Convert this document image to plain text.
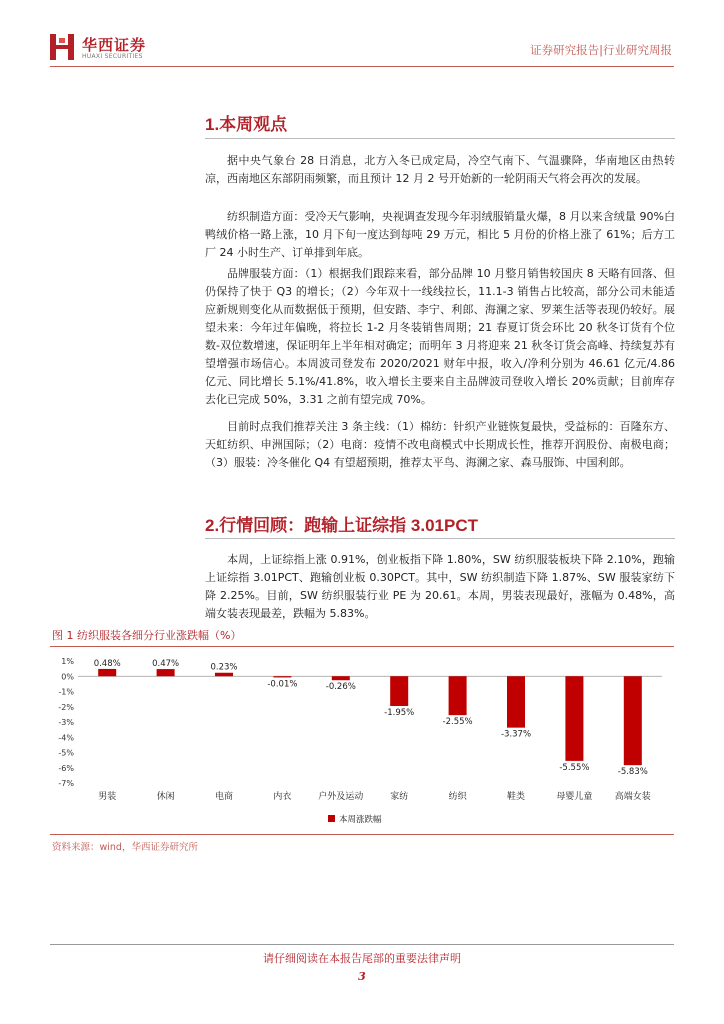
华西证券
HUAXI SECURITIES	证券研究报告|行业研究周报
1.本周观点
据中央气象台 28 日消息，北方入冬已成定局，冷空气南下、气温骤降，华南地区由热转凉，西南地区东部阴雨频繁，而且预计 12 月 2 号开始新的一轮阴雨天气将会再次的发展。
纺织制造方面：受冷天气影响，央视调查发现今年羽绒服销量火爆，8 月以来含绒量 90%白鸭绒价格一路上涨，10 月下旬一度达到每吨 29 万元，相比 5 月份的价格上涨了 61%；后方工厂 24 小时生产、订单排到年底。
品牌服装方面：（1）根据我们跟踪来看，部分品牌 10 月整月销售较国庆 8 天略有回落、但仍保持了快于 Q3 的增长；（2）今年双十一线线拉长，11.1-3 销售占比较高，部分公司未能适应新规则变化从而数据低于预期，但安踏、李宁、利郎、海澜之家、罗莱生活等表现仍较好。展望未来：今年过年偏晚，将拉长 1-2 月冬装销售周期；21 春夏订货会环比 20 秋冬订货有个位数-双位数增速，保证明年上半年相对确定；而明年 3 月将迎来 21 秋冬订货会高峰、持续复苏有望增强市场信心。本周波司登发布 2020/2021 财年中报，收入/净利分别为 46.61 亿元/4.86 亿元、同比增长 5.1%/41.8%，收入增长主要来自主品牌波司登收入增长 20%贡献；目前库存去化已完成 50%，3.31 之前有望完成 70%。
目前时点我们推荐关注 3 条主线：（1）棉纺：针织产业链恢复最快，受益标的：百隆东方、天虹纺织、申洲国际；（2）电商：疫情不改电商模式中长期成长性，推荐开润股份、南极电商；（3）服装：冷冬催化 Q4 有望超预期，推荐太平鸟、海澜之家、森马服饰、中国利郎。
2.行情回顾：跑输上证综指 3.01PCT
本周，上证综指上涨 0.91%，创业板指下降 1.80%，SW 纺织服装板块下降 2.10%，跑输上证综指 3.01PCT、跑输创业板 0.30PCT。其中，SW 纺织制造下降 1.87%、SW 服装家纺下降 2.25%。目前，SW 纺织服装行业 PE 为 20.61。本周，男装表现最好，涨幅为 0.48%，高端女装表现最差，跌幅为 5.83%。
图 1 纺织服装各细分行业涨跌幅（%）
1%
0%
-1%
-2%
-3%
-4%
-5%
-6%
-7%
0.48%
男装
0.47%
休闲
0.23%
电商
-0.01%
内衣
-0.26%
户外及运动
-1.95%
家纺
-2.55%
纺织
-3.37%
鞋类
-5.55%
母婴儿童
-5.83%
高端女装
本周涨跌幅
资料来源：wind，华西证券研究所
请仔细阅读在本报告尾部的重要法律声明
3
